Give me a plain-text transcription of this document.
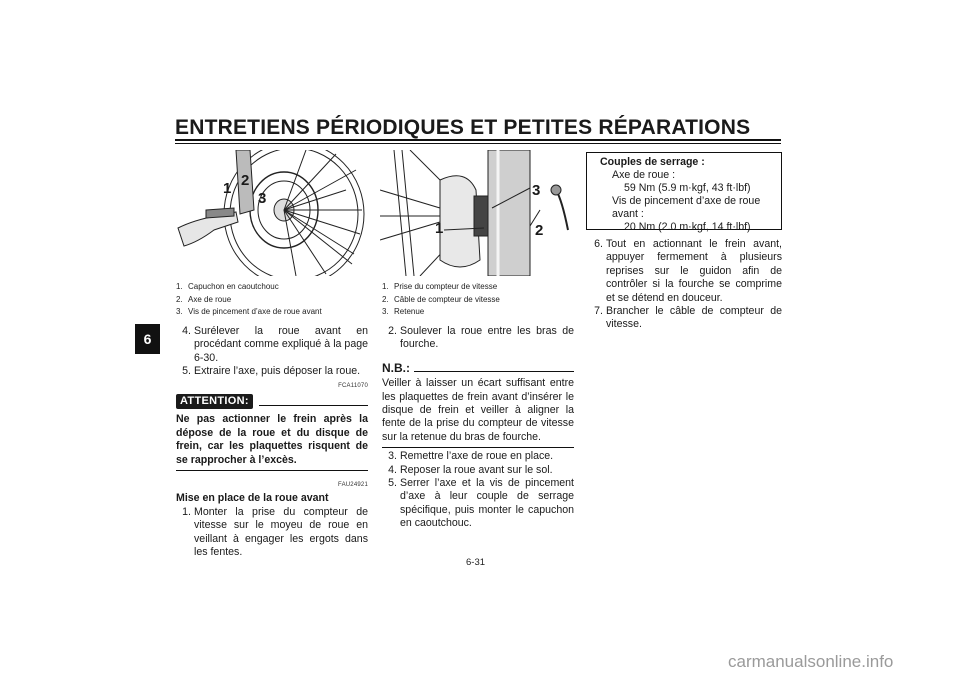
ENTRETIENS PÉRIODIQUES ET PETITES RÉPARATIONS
6
1 2
3
1. Capuchon en caoutchouc
2. Axe de roue
3. Vis de pincement d’axe de roue avant
4. Surélever la roue avant en procédant comme expliqué à la page 6-30.
5. Extraire l’axe, puis déposer la roue.
FCA11070
ATTENTION:
Ne pas actionner le frein après la dépose de la roue et du disque de frein, car les plaquettes risquent de se rapprocher à l’excès.
FAU24921
Mise en place de la roue avant
1. Monter la prise du compteur de vitesse sur le moyeu de roue en veillant à engager les ergots dans les fentes.
1	2
3
1. Prise du compteur de vitesse
2. Câble de compteur de vitesse
3. Retenue
2. Soulever la roue entre les bras de fourche.
N.B.:
Veiller à laisser un écart suffisant entre les plaquettes de frein avant d’insérer le disque de frein et veiller à aligner la fente de la prise du compteur de vitesse sur la retenue du bras de fourche.
3. Remettre l’axe de roue en place.
4. Reposer la roue avant sur le sol.
5. Serrer l’axe et la vis de pincement d’axe à leur couple de serrage spécifique, puis monter le capuchon en caoutchouc.
Couples de serrage :
Axe de roue :
59 Nm (5.9 m·kgf, 43 ft·lbf)
Vis de pincement d’axe de roue
avant :
20 Nm (2.0 m·kgf, 14 ft·lbf)
6. Tout en actionnant le frein avant, appuyer fermement à plusieurs reprises sur le guidon afin de contrôler si la fourche se comprime et se détend en douceur.
7. Brancher le câble de compteur de vitesse.
6-31
carmanualsonline.info
